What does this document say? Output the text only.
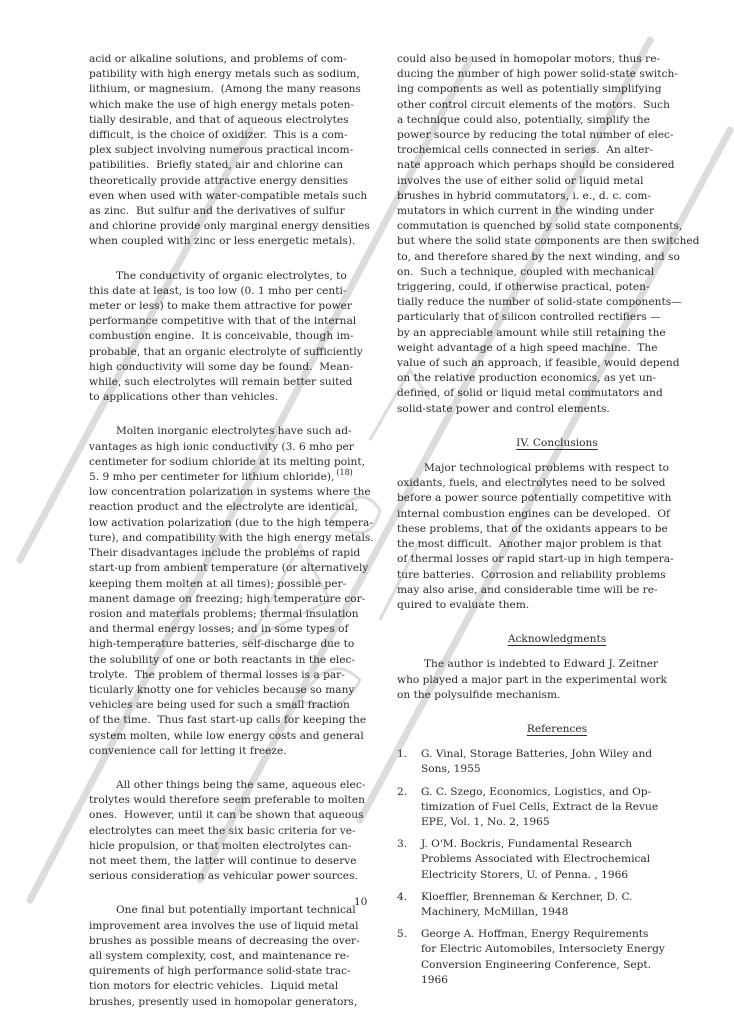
acid or alkaline solutions, and problems of com-
patibility with high energy metals such as sodium,
lithium, or magnesium.  (Among the many reasons
which make the use of high energy metals poten-
tially desirable, and that of aqueous electrolytes
difficult, is the choice of oxidizer.  This is a com-
plex subject involving numerous practical incom-
patibilities.  Briefly stated, air and chlorine can
theoretically provide attractive energy densities
even when used with water-compatible metals such
as zinc.  But sulfur and the derivatives of sulfur
and chlorine provide only marginal energy densities
when coupled with zinc or less energetic metals).

The conductivity of organic electrolytes, to
this date at least, is too low (0. 1 mho per centi-
meter or less) to make them attractive for power
performance competitive with that of the internal
combustion engine.  It is conceivable, though im-
probable, that an organic electrolyte of sufficiently
high conductivity will some day be found.  Mean-
while, such electrolytes will remain better suited
to applications other than vehicles.

Molten inorganic electrolytes have such ad-
vantages as high ionic conductivity (3. 6 mho per
centimeter for sodium chloride at its melting point,
5. 9 mho per centimeter for lithium chloride), $^{(18)}$
low concentration polarization in systems where the
reaction product and the electrolyte are identical,
low activation polarization (due to the high tempera-
ture), and compatibility with the high energy metals.
Their disadvantages include the problems of rapid
start-up from ambient temperature (or alternatively
keeping them molten at all times); possible per-
manent damage on freezing; high temperature cor-
rosion and materials problems; thermal insulation
and thermal energy losses; and in some types of
high-temperature batteries, self-discharge due to
the solubility of one or both reactants in the elec-
trolyte.  The problem of thermal losses is a par-
ticularly knotty one for vehicles because so many
vehicles are being used for such a small fraction
of the time.  Thus fast start-up calls for keeping the
system molten, while low energy costs and general
convenience call for letting it freeze.

All other things being the same, aqueous elec-
trolytes would therefore seem preferable to molten
ones.  However, until it can be shown that aqueous
electrolytes can meet the six basic criteria for ve-
hicle propulsion, or that molten electrolytes can-
not meet them, the latter will continue to deserve
serious consideration as vehicular power sources.

One final but potentially important technical
improvement area involves the use of liquid metal
brushes as possible means of decreasing the over-
all system complexity, cost, and maintenance re-
quirements of high performance solid-state trac-
tion motors for electric vehicles.  Liquid metal
brushes, presently used in homopolar generators,

could also be used in homopolar motors, thus re-
ducing the number of high power solid-state switch-
ing components as well as potentially simplifying
other control circuit elements of the motors.  Such
a technique could also, potentially, simplify the
power source by reducing the total number of elec-
trochemical cells connected in series.  An alter-
nate approach which perhaps should be considered
involves the use of either solid or liquid metal
brushes in hybrid commutators, i. e., d. c. com-
mutators in which current in the winding under
commutation is quenched by solid state components,
but where the solid state components are then switched
to, and therefore shared by the next winding, and so
on.  Such a technique, coupled with mechanical
triggering, could, if otherwise practical, poten-
tially reduce the number of solid-state components—
particularly that of silicon controlled rectifiers —
by an appreciable amount while still retaining the
weight advantage of a high speed machine.  The
value of such an approach, if feasible, would depend
on the relative production economics, as yet un-
defined, of solid or liquid metal commutators and
solid-state power and control elements.

IV. Conclusions

Major technological problems with respect to
oxidants, fuels, and electrolytes need to be solved
before a power source potentially competitive with
internal combustion engines can be developed.  Of
these problems, that of the oxidants appears to be
the most difficult.  Another major problem is that
of thermal losses or rapid start-up in high tempera-
ture batteries.  Corrosion and reliability problems
may also arise, and considerable time will be re-
quired to evaluate them.

Acknowledgments

The author is indebted to Edward J. Zeitner
who played a major part in the experimental work
on the polysulfide mechanism.

References
1.	G. Vinal, Storage Batteries, John Wiley and
Sons, 1955
2.	G. C. Szego, Economics, Logistics, and Op-
timization of Fuel Cells, Extract de la Revue
EPE, Vol. 1, No. 2, 1965
3.	J. O'M. Bockris, Fundamental Research
Problems Associated with Electrochemical
Electricity Storers, U. of Penna. , 1966
4.	Kloeffler, Brenneman & Kerchner, D. C.
Machinery, McMillan, 1948
5.	George A. Hoffman, Energy Requirements
for Electric Automobiles, Intersociety Energy
Conversion Engineering Conference, Sept.
1966
10
